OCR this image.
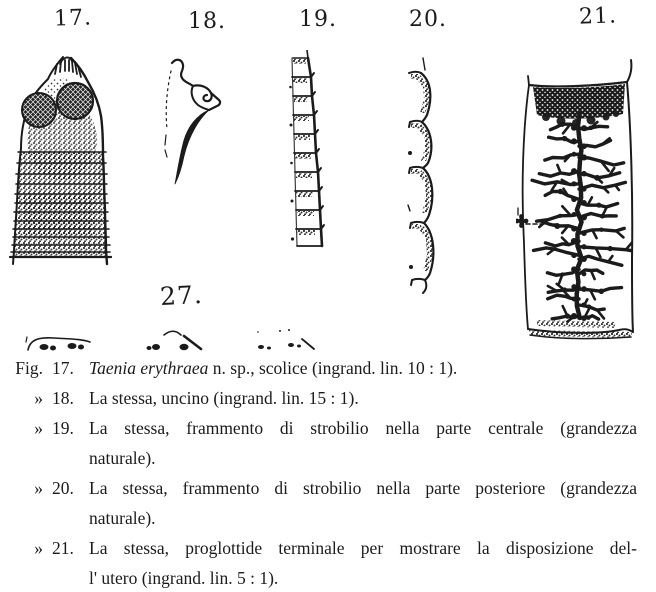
17.	18.	19.	20.	21.
27.
Fig. 17. Taenia erythraea n. sp., scolice (ingrand. lin. 10 : 1).
» 18. La stessa, uncino (ingrand. lin. 15 : 1).
» 19. La stessa, frammento di strobilio nella parte centrale (grandezza
naturale).
» 20. La stessa, frammento di strobilio nella parte posteriore (grandezza
naturale).
» 21. La stessa, proglottide terminale per mostrare la disposizione del-
l' utero (ingrand. lin. 5 : 1).
